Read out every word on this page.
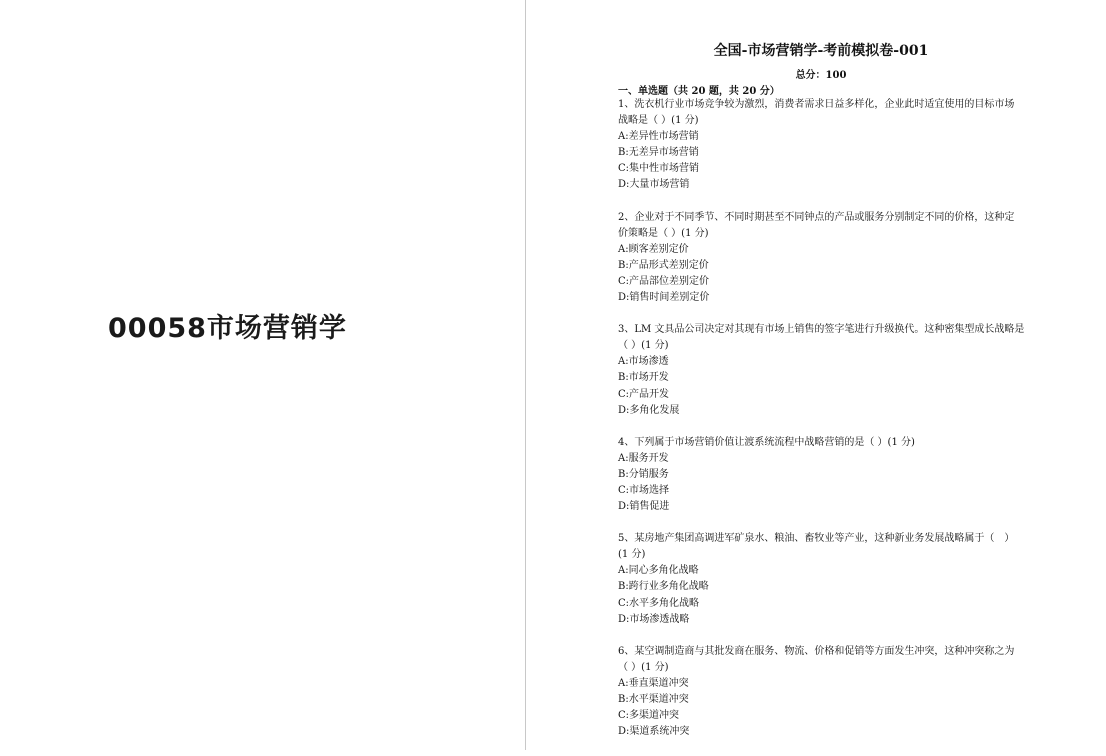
00058市场营销学
全国-市场营销学-考前模拟卷-001
总分：100
一、单选题（共 20 题，共 20 分）
1、洗衣机行业市场竞争较为激烈，消费者需求日益多样化，企业此时适宜使用的目标市场
战略是（ ）(1 分)
A:差异性市场营销
B:无差异市场营销
C:集中性市场营销
D:大量市场营销
2、企业对于不同季节、不同时期甚至不同钟点的产品或服务分别制定不同的价格，这种定
价策略是（ ）(1 分)
A:顾客差别定价
B:产品形式差别定价
C:产品部位差别定价
D:销售时间差别定价
3、LM 文具品公司决定对其现有市场上销售的签字笔进行升级换代。这种密集型成长战略是
（ ）(1 分)
A:市场渗透
B:市场开发
C:产品开发
D:多角化发展
4、下列属于市场营销价值让渡系统流程中战略营销的是（ ）(1 分)
A:服务开发
B:分销服务
C:市场选择
D:销售促进
5、某房地产集团高调进军矿泉水、粮油、畜牧业等产业，这种新业务发展战略属于（　）
(1 分)
A:同心多角化战略
B:跨行业多角化战略
C:水平多角化战略
D:市场渗透战略
6、某空调制造商与其批发商在服务、物流、价格和促销等方面发生冲突，这种冲突称之为
（ ）(1 分)
A:垂直渠道冲突
B:水平渠道冲突
C:多渠道冲突
D:渠道系统冲突
